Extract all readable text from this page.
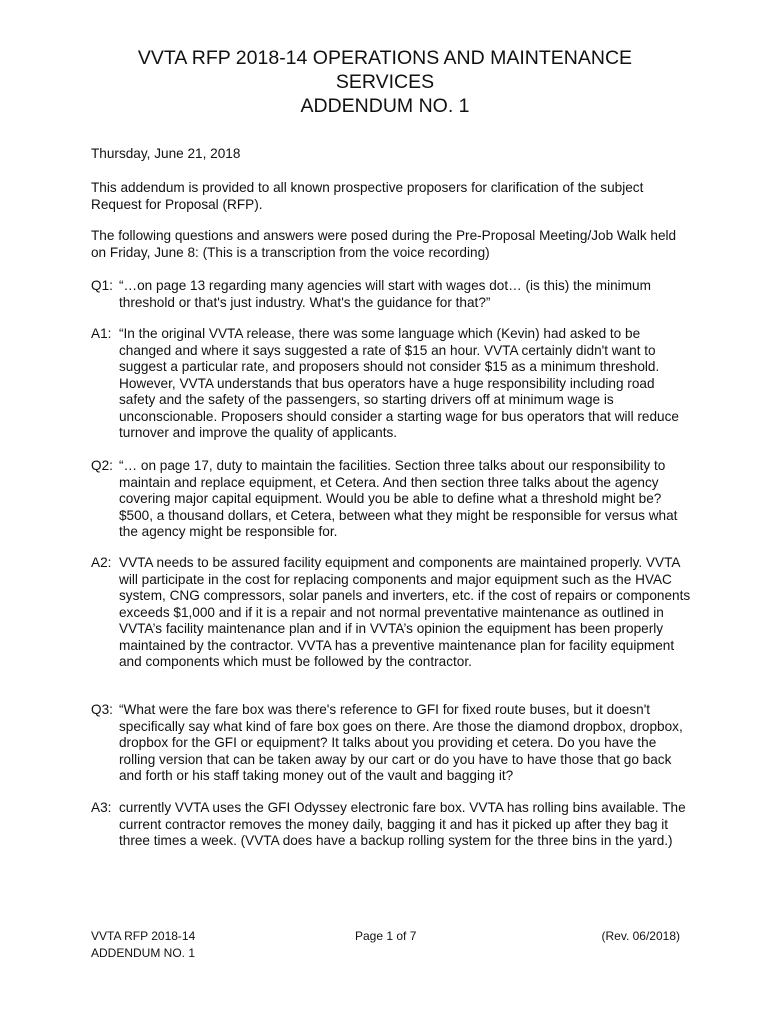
VVTA RFP 2018-14 OPERATIONS AND MAINTENANCE
SERVICES
ADDENDUM NO. 1
Thursday, June 21, 2018
This addendum is provided to all known prospective proposers for clarification of the subject Request for Proposal (RFP).
The following questions and answers were posed during the Pre-Proposal Meeting/Job Walk held on Friday, June 8: (This is a transcription from the voice recording)
Q1: “…on page 13 regarding many agencies will start with wages dot… (is this) the minimum threshold or that's just industry. What's the guidance for that?”
A1: “In the original VVTA release, there was some language which (Kevin) had asked to be changed and where it says suggested a rate of $15 an hour. VVTA certainly didn't want to suggest a particular rate, and proposers should not consider $15 as a minimum threshold. However, VVTA understands that bus operators have a huge responsibility including road safety and the safety of the passengers, so starting drivers off at minimum wage is unconscionable. Proposers should consider a starting wage for bus operators that will reduce turnover and improve the quality of applicants.
Q2: “… on page 17, duty to maintain the facilities. Section three talks about our responsibility to maintain and replace equipment, et Cetera. And then section three talks about the agency covering major capital equipment. Would you be able to define what a threshold might be? $500, a thousand dollars, et Cetera, between what they might be responsible for versus what the agency might be responsible for.
A2: VVTA needs to be assured facility equipment and components are maintained properly. VVTA will participate in the cost for replacing components and major equipment such as the HVAC system, CNG compressors, solar panels and inverters, etc. if the cost of repairs or components exceeds $1,000 and if it is a repair and not normal preventative maintenance as outlined in VVTA’s facility maintenance plan and if in VVTA’s opinion the equipment has been properly maintained by the contractor. VVTA has a preventive maintenance plan for facility equipment and components which must be followed by the contractor.
Q3: “What were the fare box was there's reference to GFI for fixed route buses, but it doesn't specifically say what kind of fare box goes on there. Are those the diamond dropbox, dropbox, dropbox for the GFI or equipment? It talks about you providing et cetera. Do you have the rolling version that can be taken away by our cart or do you have to have those that go back and forth or his staff taking money out of the vault and bagging it?
A3: currently VVTA uses the GFI Odyssey electronic fare box. VVTA has rolling bins available. The current contractor removes the money daily, bagging it and has it picked up after they bag it three times a week. (VVTA does have a backup rolling system for the three bins in the yard.)
VVTA RFP 2018-14
ADDENDUM NO. 1
Page 1 of 7	(Rev. 06/2018)
